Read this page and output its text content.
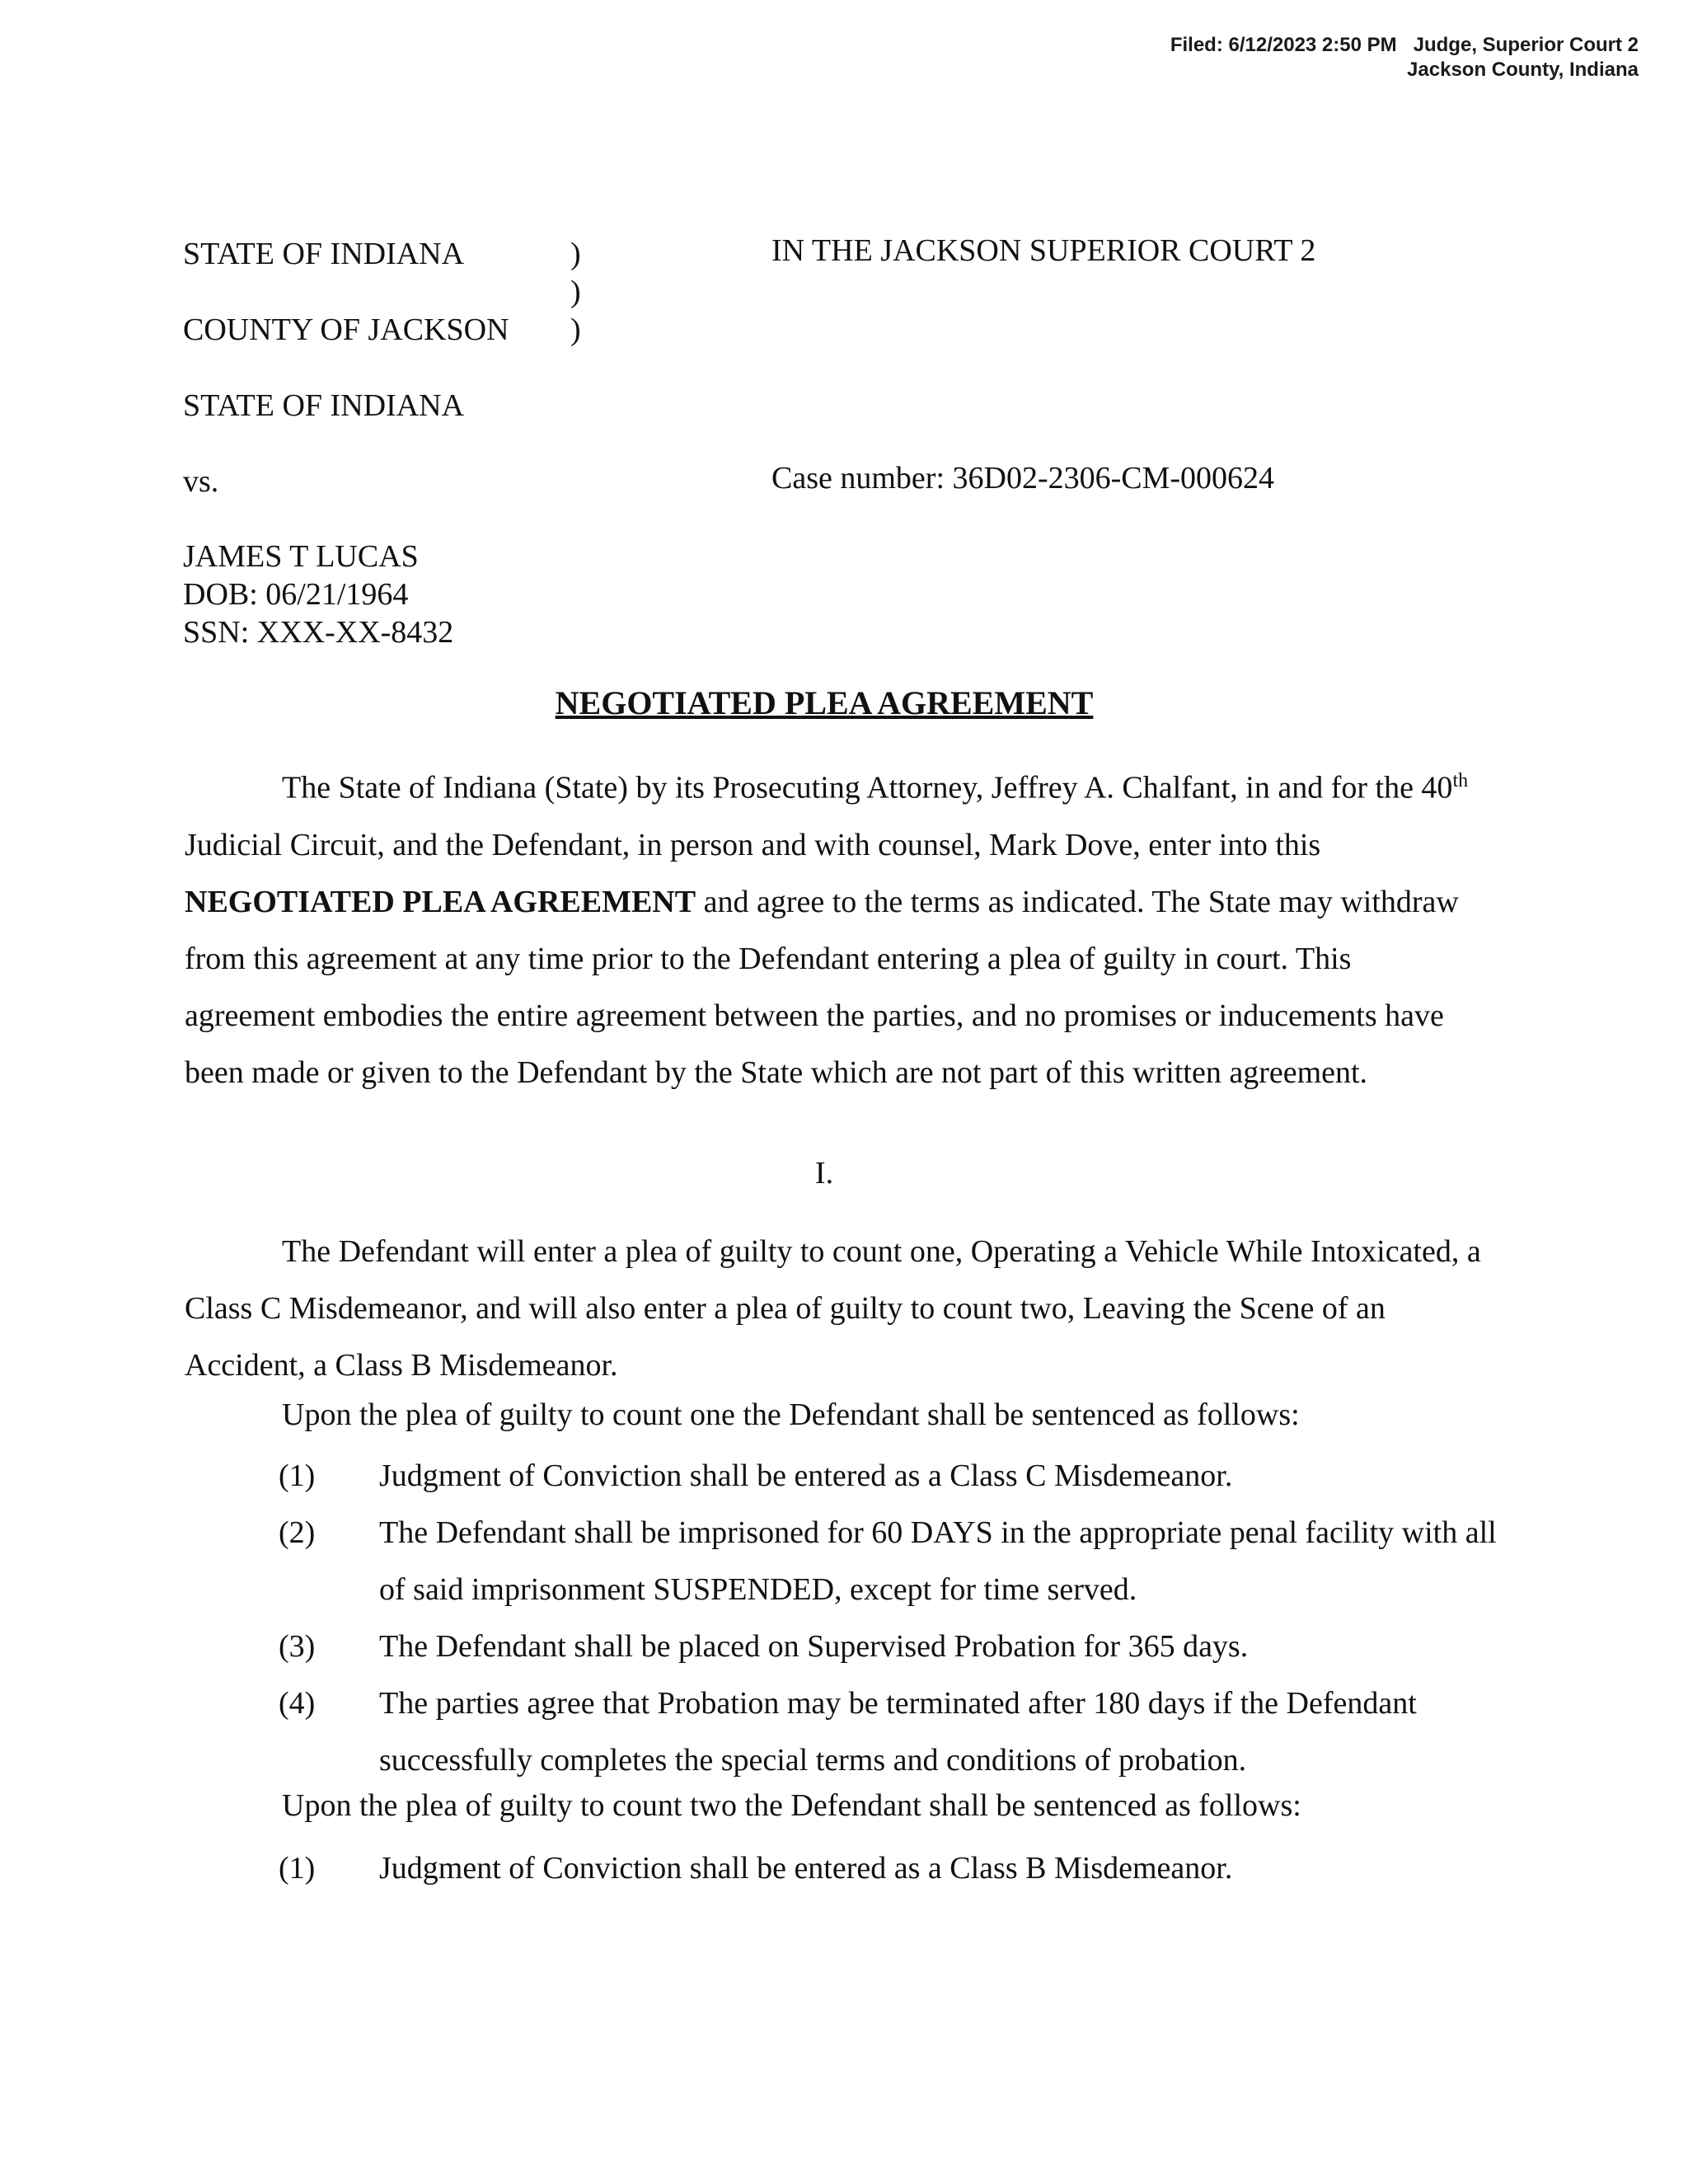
Filed: 6/12/2023 2:50 PM   Judge, Superior Court 2
Jackson County, Indiana
STATE OF INDIANA	)
)
COUNTY OF JACKSON )
IN THE JACKSON SUPERIOR COURT 2
STATE OF INDIANA
vs.	Case number: 36D02-2306-CM-000624
JAMES T LUCAS
DOB: 06/21/1964
SSN: XXX-XX-8432
NEGOTIATED PLEA AGREEMENT

The State of Indiana (State) by its Prosecuting Attorney, Jeffrey A. Chalfant, in and for the 40th Judicial Circuit, and the Defendant, in person and with counsel, Mark Dove, enter into this NEGOTIATED PLEA AGREEMENT and agree to the terms as indicated. The State may withdraw from this agreement at any time prior to the Defendant entering a plea of guilty in court. This agreement embodies the entire agreement between the parties, and no promises or inducements have been made or given to the Defendant by the State which are not part of this written agreement.

I.

The Defendant will enter a plea of guilty to count one, Operating a Vehicle While Intoxicated, a Class C Misdemeanor, and will also enter a plea of guilty to count two, Leaving the Scene of an Accident, a Class B Misdemeanor.

Upon the plea of guilty to count one the Defendant shall be sentenced as follows:
(1) Judgment of Conviction shall be entered as a Class C Misdemeanor.
(2) The Defendant shall be imprisoned for 60 DAYS in the appropriate penal facility with all of said imprisonment SUSPENDED, except for time served.
(3) The Defendant shall be placed on Supervised Probation for 365 days.
(4) The parties agree that Probation may be terminated after 180 days if the Defendant successfully completes the special terms and conditions of probation.
Upon the plea of guilty to count two the Defendant shall be sentenced as follows:
(1) Judgment of Conviction shall be entered as a Class B Misdemeanor.
